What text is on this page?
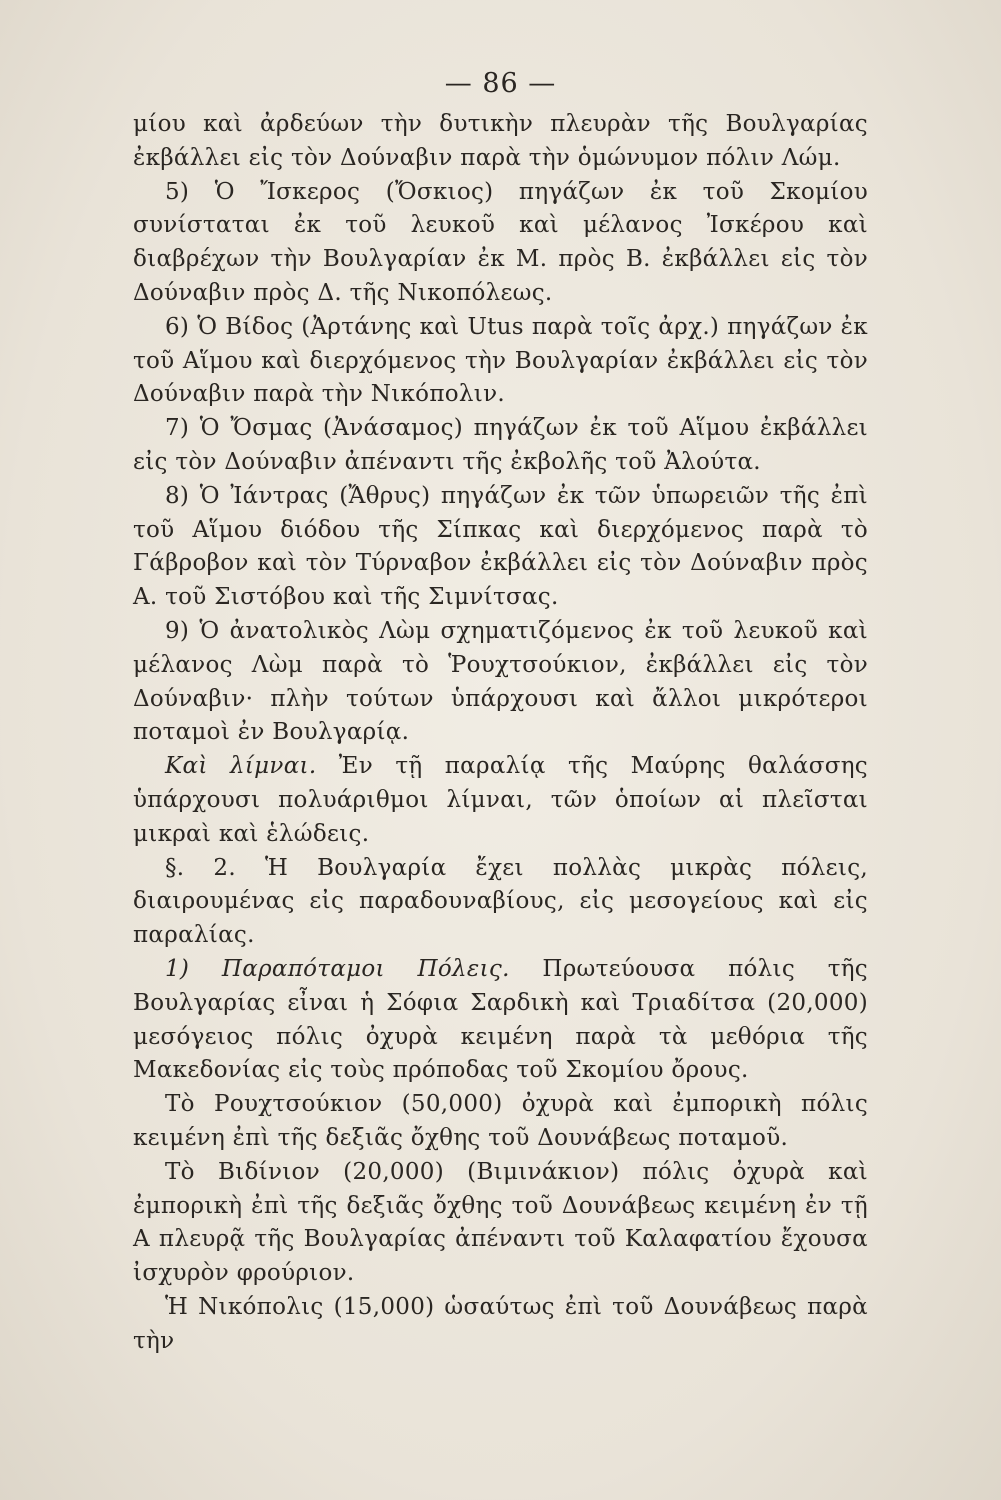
— 86 —

μίου καὶ ἀρδεύων τὴν δυτικὴν πλευρὰν τῆς Βουλγαρίας ἐκβάλλει εἰς τὸν Δούναβιν παρὰ τὴν ὁμώνυμον πόλιν Λώμ.

5) Ὁ Ἴσκερος (Ὄσκιος) πηγάζων ἐκ τοῦ Σκομίου συνίσταται ἐκ τοῦ λευκοῦ καὶ μέλανος Ἰσκέρου καὶ διαβρέχων τὴν Βουλγαρίαν ἐκ Μ. πρὸς Β. ἐκβάλλει εἰς τὸν Δούναβιν πρὸς Δ. τῆς Νικοπόλεως.

6) Ὁ Βίδος (Ἀρτάνης καὶ Utus παρὰ τοῖς ἀρχ.) πηγάζων ἐκ τοῦ Αἵμου καὶ διερχόμενος τὴν Βουλγαρίαν ἐκβάλλει εἰς τὸν Δούναβιν παρὰ τὴν Νικόπολιν.

7) Ὁ Ὄσμας (Ἀνάσαμος) πηγάζων ἐκ τοῦ Αἵμου ἐκβάλλει εἰς τὸν Δούναβιν ἀπέναντι τῆς ἐκβολῆς τοῦ Ἀλούτα.

8) Ὁ Ἰάντρας (Ἄθρυς) πηγάζων ἐκ τῶν ὑπωρειῶν τῆς ἐπὶ τοῦ Αἵμου διόδου τῆς Σίπκας καὶ διερχόμενος παρὰ τὸ Γάβροβον καὶ τὸν Τύρναβον ἐκβάλλει εἰς τὸν Δούναβιν πρὸς Α. τοῦ Σιστόβου καὶ τῆς Σιμνίτσας.

9) Ὁ ἀνατολικὸς Λὼμ σχηματιζόμενος ἐκ τοῦ λευκοῦ καὶ μέλανος Λὼμ παρὰ τὸ Ῥουχτσούκιον, ἐκβάλλει εἰς τὸν Δούναβιν· πλὴν τούτων ὑπάρχουσι καὶ ἄλλοι μικρότεροι ποταμοὶ ἐν Βουλγαρίᾳ.

Καὶ λίμναι. Ἐν τῇ παραλίᾳ τῆς Μαύρης θαλάσσης ὑπάρχουσι πολυάριθμοι λίμναι, τῶν ὁποίων αἱ πλεῖσται μικραὶ καὶ ἑλώδεις.

§. 2. Ἡ Βουλγαρία ἔχει πολλὰς μικρὰς πόλεις, διαιρουμένας εἰς παραδουναβίους, εἰς μεσογείους καὶ εἰς παραλίας.

1) Παραπόταμοι Πόλεις. Πρωτεύουσα πόλις τῆς Βουλγαρίας εἶναι ἡ Σόφια Σαρδικὴ καὶ Τριαδίτσα (20,000) μεσόγειος πόλις ὀχυρὰ κειμένη παρὰ τὰ μεθόρια τῆς Μακεδονίας εἰς τοὺς πρόποδας τοῦ Σκομίου ὄρους.

Τὸ Ρουχτσούκιον (50,000) ὀχυρὰ καὶ ἐμπορικὴ πόλις κειμένη ἐπὶ τῆς δεξιᾶς ὄχθης τοῦ Δουνάβεως ποταμοῦ.

Τὸ Βιδίνιον (20,000) (Βιμινάκιον) πόλις ὀχυρὰ καὶ ἐμπορικὴ ἐπὶ τῆς δεξιᾶς ὄχθης τοῦ Δουνάβεως κειμένη ἐν τῇ Α πλευρᾷ τῆς Βουλγαρίας ἀπέναντι τοῦ Καλαφατίου ἔχουσα ἰσχυρὸν φρούριον.

Ἡ Νικόπολις (15,000) ὡσαύτως ἐπὶ τοῦ Δουνάβεως παρὰ τὴν
